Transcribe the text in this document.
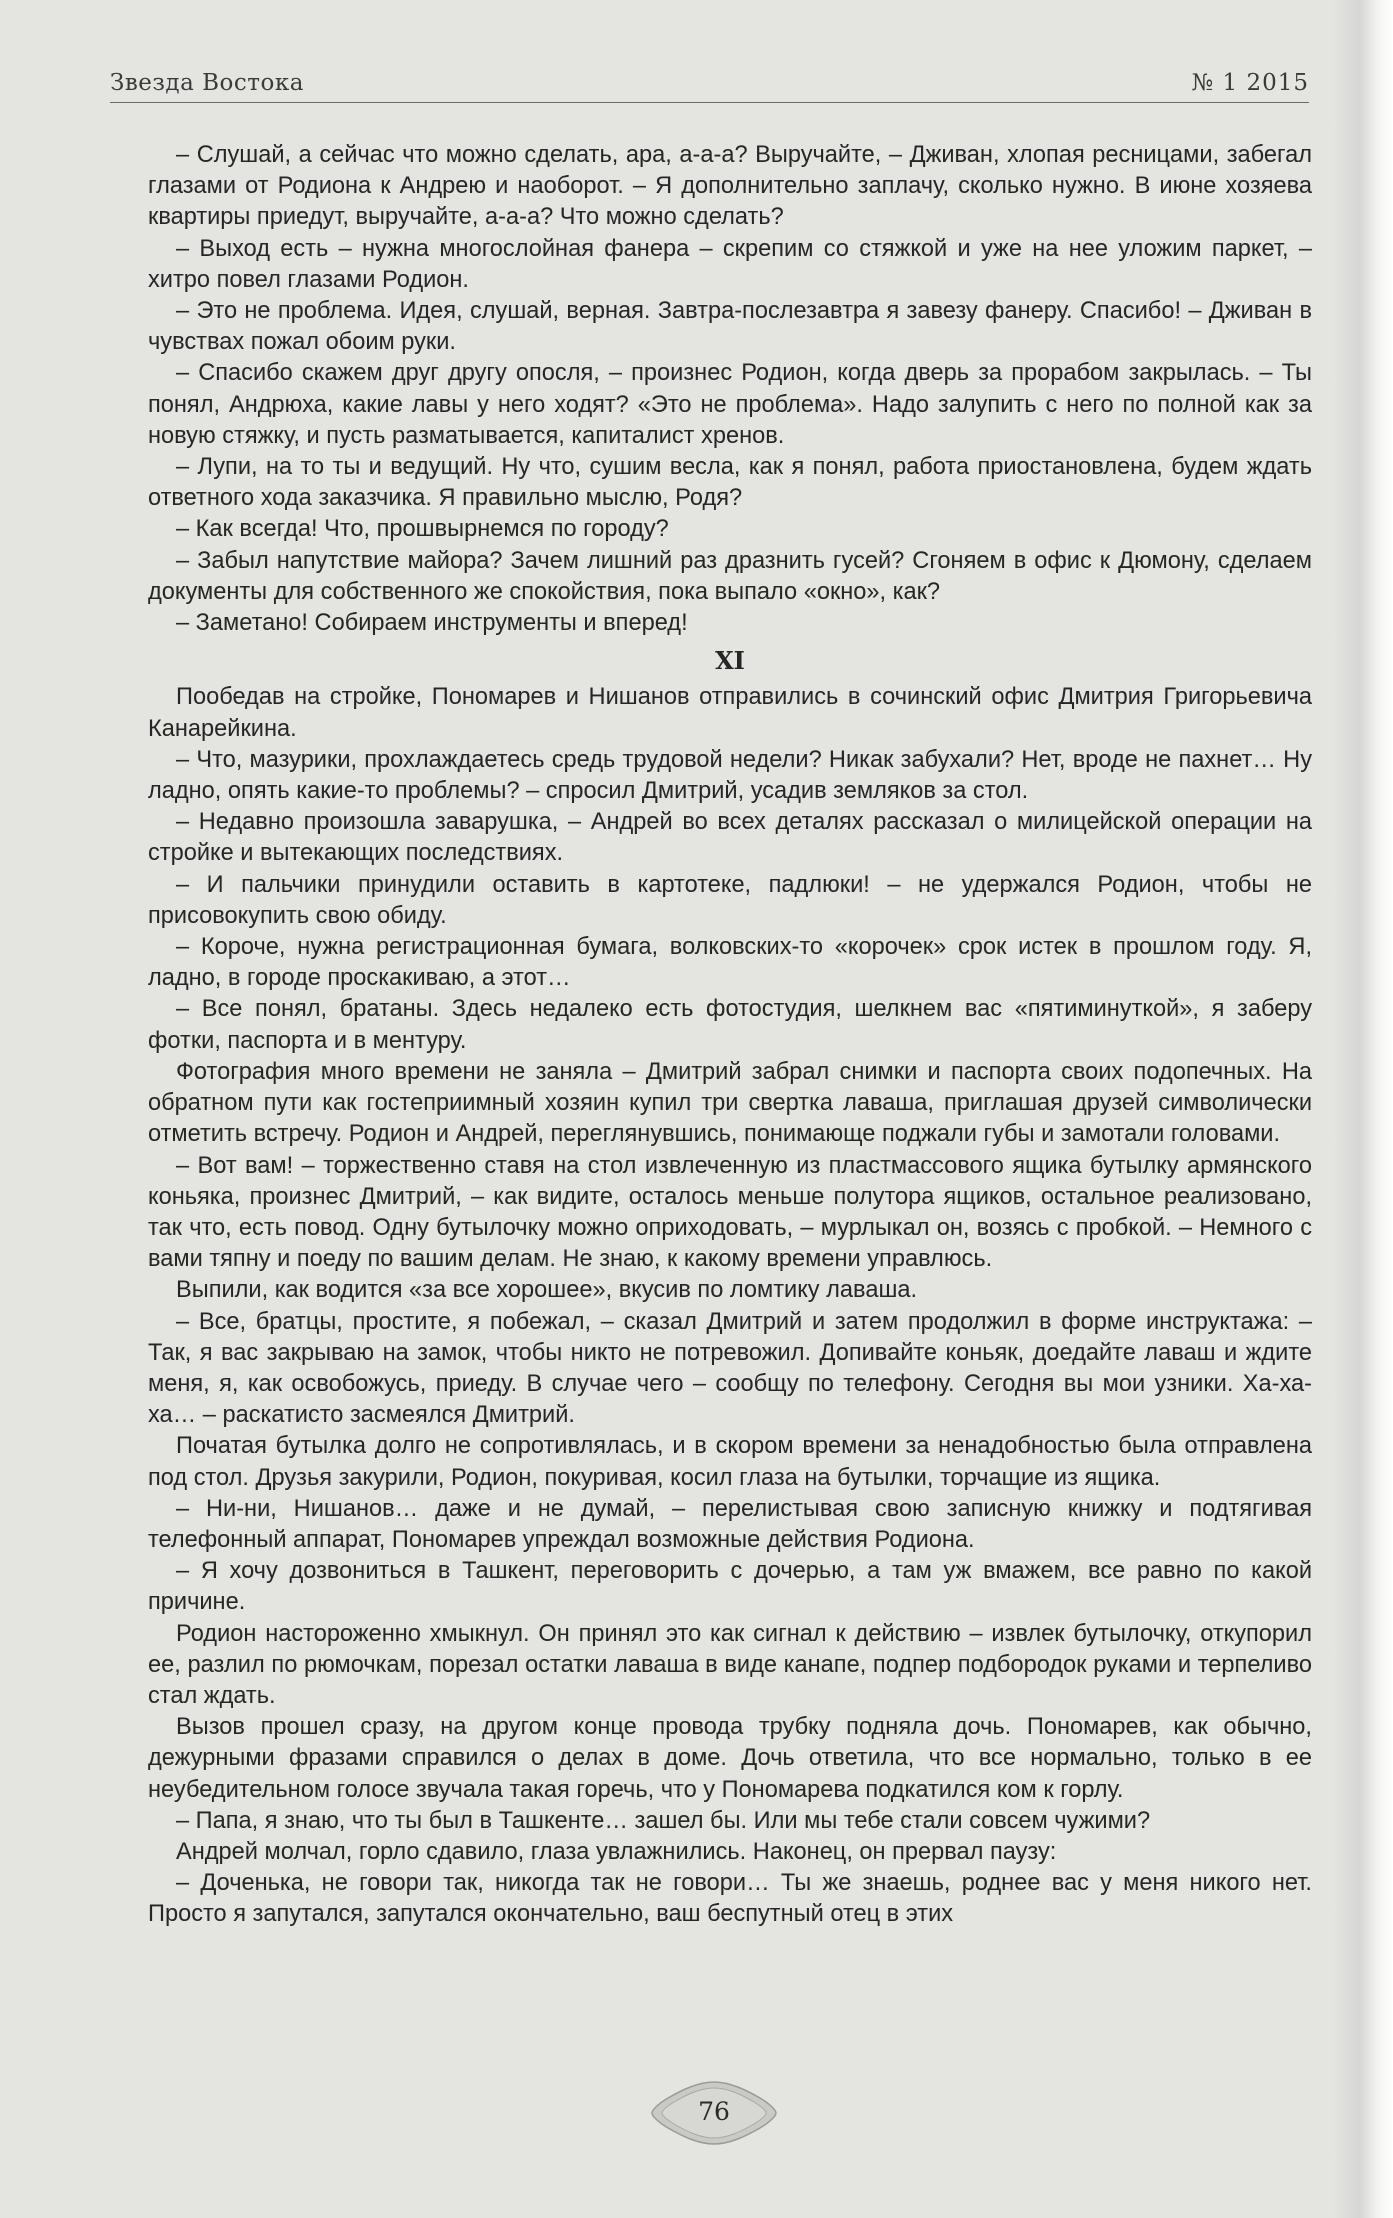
Звезда Востока	№ 1 2015

– Слушай, а сейчас что можно сделать, ара, а-а-а? Выручайте, – Дживан, хлопая ресницами, забегал глазами от Родиона к Андрею и наоборот. – Я дополнительно заплачу, сколько нужно. В июне хозяева квартиры приедут, выручайте, а-а-а? Что можно сделать?

– Выход есть – нужна многослойная фанера – скрепим со стяжкой и уже на нее уложим паркет, – хитро повел глазами Родион.

– Это не проблема. Идея, слушай, верная. Завтра-послезавтра я завезу фанеру. Спасибо! – Дживан в чувствах пожал обоим руки.

– Спасибо скажем друг другу опосля, – произнес Родион, когда дверь за прорабом закрылась. – Ты понял, Андрюха, какие лавы у него ходят? «Это не проблема». Надо залупить с него по полной как за новую стяжку, и пусть разматывается, капиталист хренов.

– Лупи, на то ты и ведущий. Ну что, сушим весла, как я понял, работа приостановлена, будем ждать ответного хода заказчика. Я правильно мыслю, Родя?

– Как всегда! Что, прошвырнемся по городу?

– Забыл напутствие майора? Зачем лишний раз дразнить гусей? Сгоняем в офис к Дюмону, сделаем документы для собственного же спокойствия, пока выпало «окно», как?

– Заметано! Собираем инструменты и вперед!

XI

Пообедав на стройке, Пономарев и Нишанов отправились в сочинский офис Дмитрия Григорьевича Канарейкина.

– Что, мазурики, прохлаждаетесь средь трудовой недели? Никак забухали? Нет, вроде не пахнет… Ну ладно, опять какие-то проблемы? – спросил Дмитрий, усадив земляков за стол.

– Недавно произошла заварушка, – Андрей во всех деталях рассказал о милицейской операции на стройке и вытекающих последствиях.

– И пальчики принудили оставить в картотеке, падлюки! – не удержался Родион, чтобы не присовокупить свою обиду.

– Короче, нужна регистрационная бумага, волковских-то «корочек» срок истек в прошлом году. Я, ладно, в городе проскакиваю, а этот…

– Все понял, братаны. Здесь недалеко есть фотостудия, шелкнем вас «пятиминуткой», я заберу фотки, паспорта и в ментуру.

Фотография много времени не заняла – Дмитрий забрал снимки и паспорта своих подопечных. На обратном пути как гостеприимный хозяин купил три свертка лаваша, приглашая друзей символически отметить встречу. Родион и Андрей, переглянувшись, понимающе поджали губы и замотали головами.

– Вот вам! – торжественно ставя на стол извлеченную из пластмассового ящика бутылку армянского коньяка, произнес Дмитрий, – как видите, осталось меньше полутора ящиков, остальное реализовано, так что, есть повод. Одну бутылочку можно оприходовать, – мурлыкал он, возясь с пробкой. – Немного с вами тяпну и поеду по вашим делам. Не знаю, к какому времени управлюсь.

Выпили, как водится «за все хорошее», вкусив по ломтику лаваша.

– Все, братцы, простите, я побежал, – сказал Дмитрий и затем продолжил в форме инструктажа: – Так, я вас закрываю на замок, чтобы никто не потревожил. Допивайте коньяк, доедайте лаваш и ждите меня, я, как освобожусь, приеду. В случае чего – сообщу по телефону. Сегодня вы мои узники. Ха-ха-ха… – раскатисто засмеялся Дмитрий.

Початая бутылка долго не сопротивлялась, и в скором времени за ненадобностью была отправлена под стол. Друзья закурили, Родион, покуривая, косил глаза на бутылки, торчащие из ящика.

– Ни-ни, Нишанов… даже и не думай, – перелистывая свою записную книжку и подтягивая телефонный аппарат, Пономарев упреждал возможные действия Родиона.

– Я хочу дозвониться в Ташкент, переговорить с дочерью, а там уж вмажем, все равно по какой причине.

Родион настороженно хмыкнул. Он принял это как сигнал к действию – извлек бутылочку, откупорил ее, разлил по рюмочкам, порезал остатки лаваша в виде канапе, подпер подбородок руками и терпеливо стал ждать.

Вызов прошел сразу, на другом конце провода трубку подняла дочь. Пономарев, как обычно, дежурными фразами справился о делах в доме. Дочь ответила, что все нормально, только в ее неубедительном голосе звучала такая горечь, что у Пономарева подкатился ком к горлу.

– Папа, я знаю, что ты был в Ташкенте… зашел бы. Или мы тебе стали совсем чужими?

Андрей молчал, горло сдавило, глаза увлажнились. Наконец, он прервал паузу:

– Доченька, не говори так, никогда так не говори… Ты же знаешь, роднее вас у меня никого нет. Просто я запутался, запутался окончательно, ваш беспутный отец в этих

76
